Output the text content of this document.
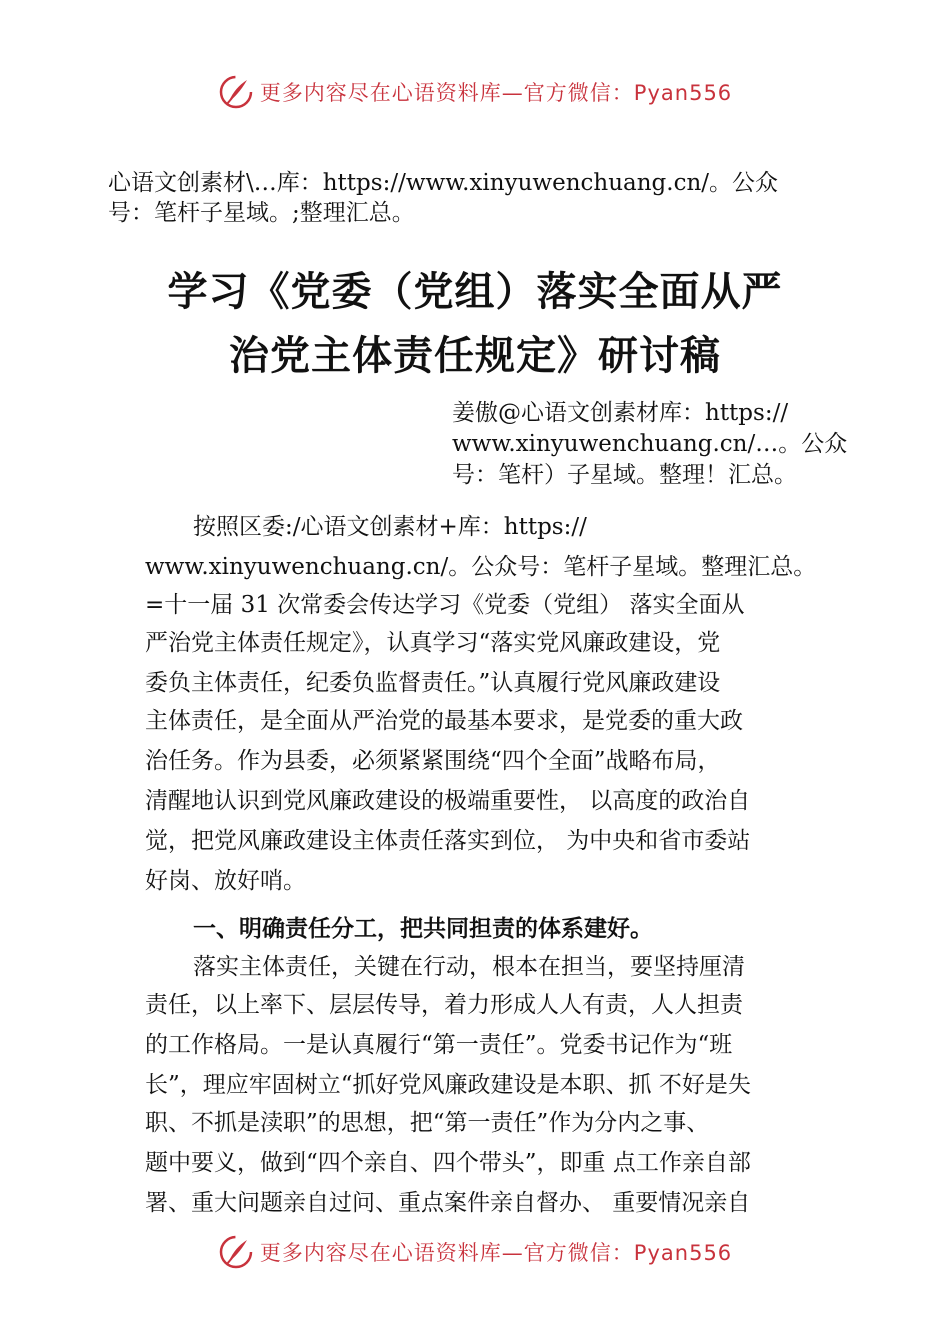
更多内容尽在心语资料库—官方微信：Pyan556

心语文创素材\…库：https://www.xinyuwenchuang.cn/。公众

号：笔杆子星域。;整理汇总。

学习《党委（党组）落实全面从严
治党主体责任规定》研讨稿

姜傲@心语文创素材库：https://

www.xinyuwenchuang.cn/…。公众

号：笔杆）子星域。整理！汇总。

按照区委:/心语文创素材+库：https://

www.xinyuwenchuang.cn/。公众号：笔杆子星域。整理汇总。

=十一届 31 次常委会传达学习《党委（党组） 落实全面从

严治党主体责任规定》，认真学习“落实党风廉政建设，党

委负主体责任，纪委负监督责任。”认真履行党风廉政建设

主体责任，是全面从严治党的最基本要求，是党委的重大政

治任务。作为县委，必须紧紧围绕“四个全面”战略布局，

清醒地认识到党风廉政建设的极端重要性， 以高度的政治自

觉，把党风廉政建设主体责任落实到位， 为中央和省市委站

好岗、放好哨。

一、明确责任分工，把共同担责的体系建好。

落实主体责任，关键在行动，根本在担当，要坚持厘清

责任，以上率下、层层传导，着力形成人人有责，人人担责

的工作格局。一是认真履行“第一责任”。党委书记作为“班

长”，理应牢固树立“抓好党风廉政建设是本职、抓 不好是失

职、不抓是渎职”的思想，把“第一责任”作为分内之事、

题中要义，做到“四个亲自、四个带头”，即重 点工作亲自部

署、重大问题亲自过问、重点案件亲自督办、 重要情况亲自

更多内容尽在心语资料库—官方微信：Pyan556
